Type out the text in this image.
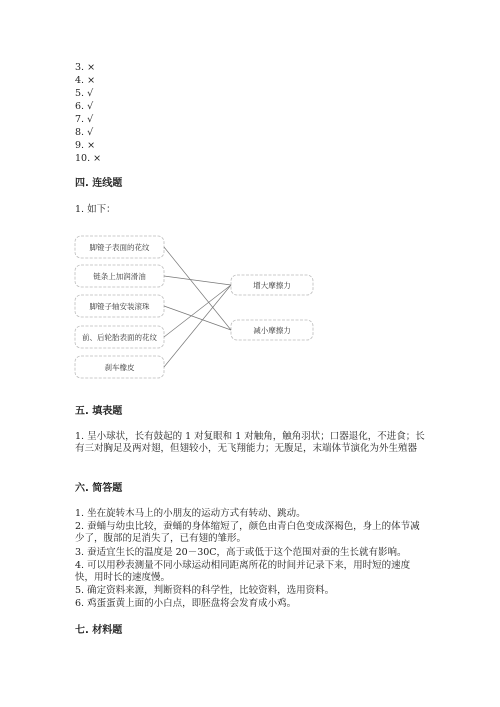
3. ×
4. ×
5. √
6. √
7. √
8. √
9. ×
10. ×
四. 连线题
1. 如下：
脚镫子表面的花纹
链条上加润滑油
脚镫子轴安装滚珠
前、后轮胎表面的花纹
刹车橡皮
增大摩擦力
减小摩擦力
五. 填表题
1. 呈小球状，长有鼓起的 1 对复眼和 1 对触角，触角羽状；口器退化，不进食；长有三对胸足及两对翅，但翅较小，无飞翔能力；无腹足，末端体节演化为外生殖器
六. 简答题
1. 坐在旋转木马上的小朋友的运动方式有转动、跳动。
2. 蚕蛹与幼虫比较，蚕蛹的身体缩短了，颜色由青白色变成深褐色，身上的体节减少了，腹部的足消失了，已有翅的雏形。
3. 蚕适宜生长的温度是 20－30C，高于或低于这个范围对蚕的生长就有影响。
4. 可以用秒表测量不同小球运动相同距离所花的时间并记录下来，用时短的速度快，用时长的速度慢。
5. 确定资料来源，判断资料的科学性，比较资料，选用资料。
6. 鸡蛋蛋黄上面的小白点，即胚盘将会发育成小鸡。
七. 材料题
